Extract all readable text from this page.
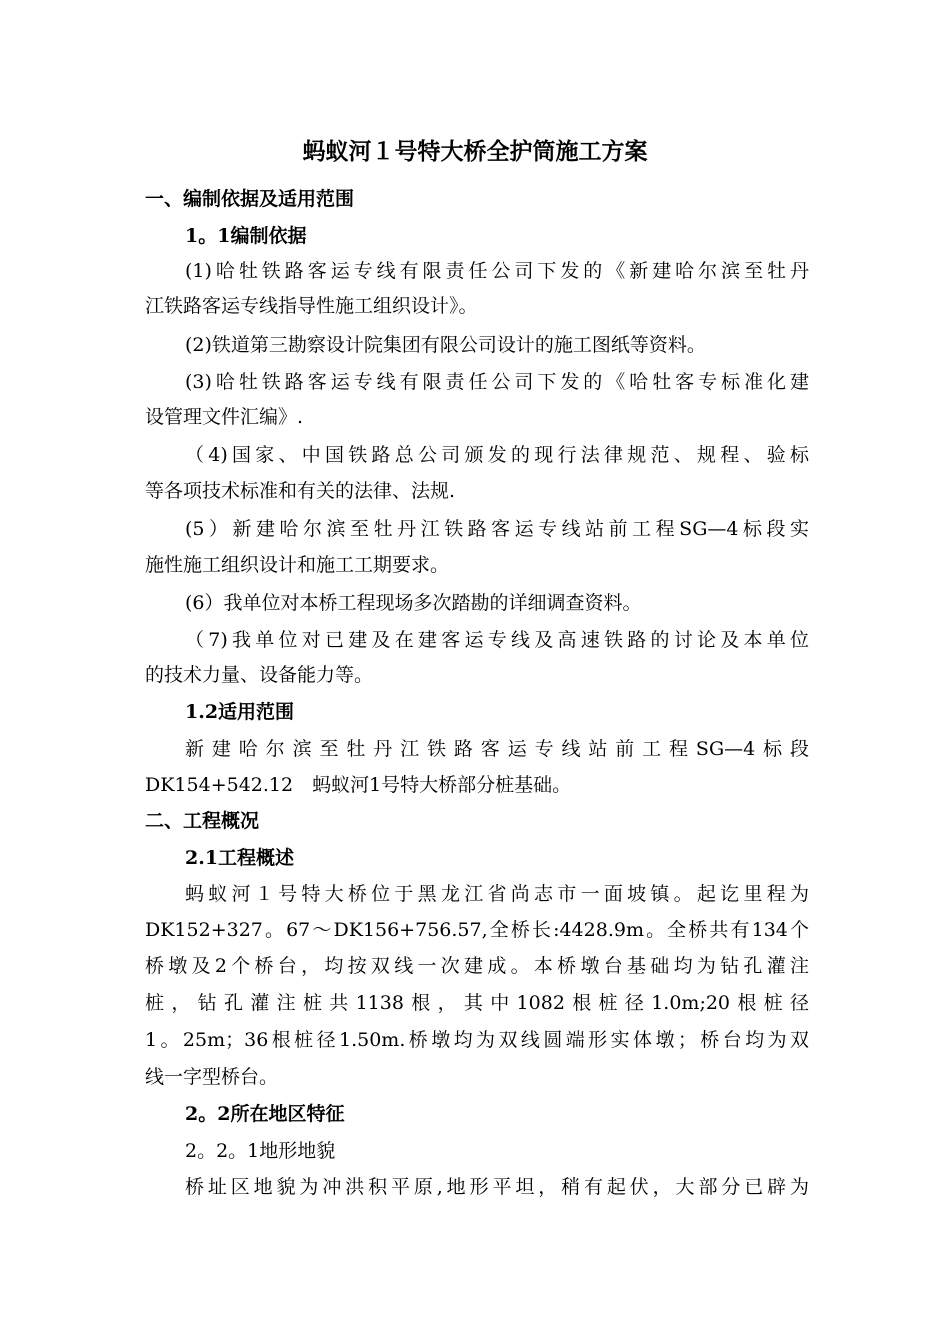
蚂蚁河１号特大桥全护筒施工方案
一、编制依据及适用范围
1。1编制依据
(1)哈牡铁路客运专线有限责任公司下发的《新建哈尔滨至牡丹
江铁路客运专线指导性施工组织设计》。
(2)铁道第三勘察设计院集团有限公司设计的施工图纸等资料。
(3)哈牡铁路客运专线有限责任公司下发的《哈牡客专标准化建
设管理文件汇编》.
（4)国家、中国铁路总公司颁发的现行法律规范、规程、验标
等各项技术标准和有关的法律、法规.
(5）新建哈尔滨至牡丹江铁路客运专线站前工程SG—4标段实
施性施工组织设计和施工工期要求。
(6）我单位对本桥工程现场多次踏勘的详细调查资料。
（7)我单位对已建及在建客运专线及高速铁路的讨论及本单位
的技术力量、设备能力等。
1.2适用范围
新建哈尔滨至牡丹江铁路客运专线站前工程SG—4标段
DK154+542.12　蚂蚁河1号特大桥部分桩基础。
二、工程概况
2.1工程概述
蚂蚁河１号特大桥位于黑龙江省尚志市一面坡镇。起讫里程为
DK152+327。67～DK156+756.57,全桥长:4428.9m。全桥共有134个
桥墩及2个桥台，均按双线一次建成。本桥墩台基础均为钻孔灌注
桩，钻孔灌注桩共1138根，其中1082根桩径1.0m;20根桩径
1。25m；36根桩径1.50m.桥墩均为双线圆端形实体墩；桥台均为双
线一字型桥台。
2。2所在地区特征
2。2。1地形地貌
桥址区地貌为冲洪积平原,地形平坦，稍有起伏，大部分已辟为
